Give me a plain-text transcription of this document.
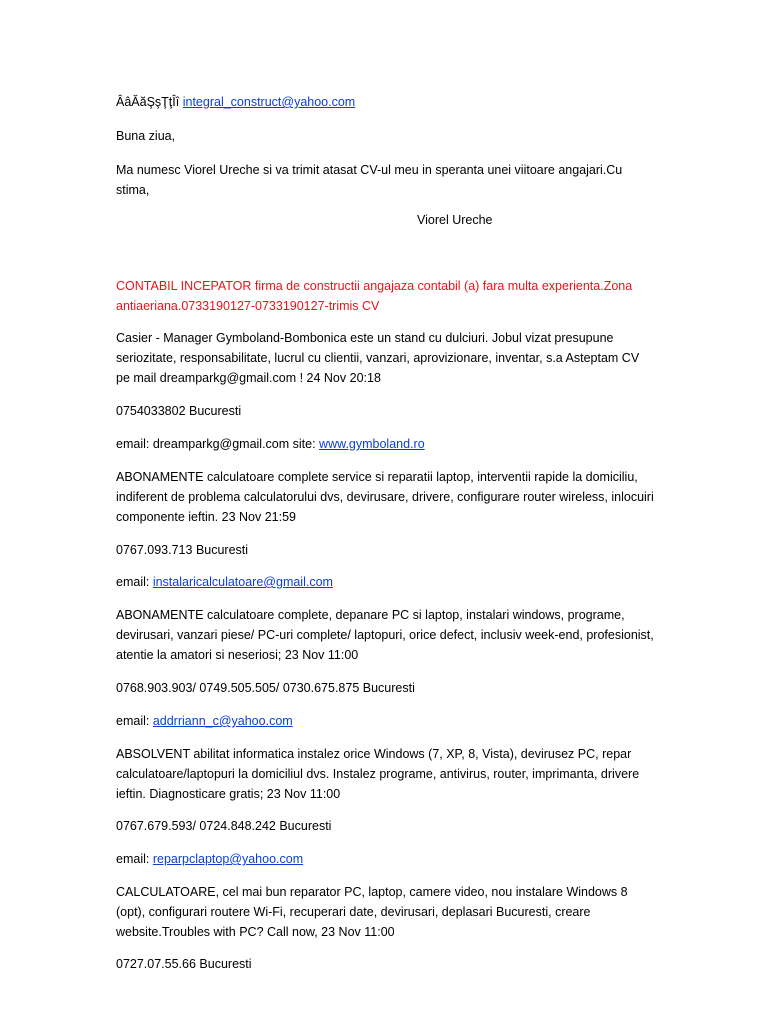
ÂâĂăŞşŢţÎî integral_construct@yahoo.com

Buna ziua,

Ma numesc Viorel Ureche si va trimit atasat CV-ul meu in speranta unei viitoare angajari.Cu stima,

Viorel Ureche

CONTABIL INCEPATOR firma de constructii angajaza contabil (a) fara multa experienta.Zona antiaeriana.0733190127-0733190127-trimis CV

Casier - Manager Gymboland-Bombonica este un stand cu dulciuri. Jobul vizat presupune seriozitate, responsabilitate, lucrul cu clientii, vanzari, aprovizionare, inventar, s.a Asteptam CV pe mail dreamparkg@gmail.com ! 24 Nov 20:18

0754033802 Bucuresti

email: dreamparkg@gmail.com site: www.gymboland.ro

ABONAMENTE calculatoare complete service si reparatii laptop, interventii rapide la domiciliu, indiferent de problema calculatorului dvs, devirusare, drivere, configurare router wireless, inlocuiri componente ieftin. 23 Nov 21:59

0767.093.713 Bucuresti

email: instalaricalculatoare@gmail.com

ABONAMENTE calculatoare complete, depanare PC si laptop, instalari windows, programe, devirusari, vanzari piese/ PC-uri complete/ laptopuri, orice defect, inclusiv week-end, profesionist, atentie la amatori si neseriosi; 23 Nov 11:00

0768.903.903/ 0749.505.505/ 0730.675.875 Bucuresti

email: addrriann_c@yahoo.com

ABSOLVENT abilitat informatica instalez orice Windows (7, XP, 8, Vista), devirusez PC, repar calculatoare/laptopuri la domiciliul dvs. Instalez programe, antivirus, router, imprimanta, drivere ieftin. Diagnosticare gratis; 23 Nov 11:00

0767.679.593/ 0724.848.242 Bucuresti

email: reparpclaptop@yahoo.com

CALCULATOARE, cel mai bun reparator PC, laptop, camere video, nou instalare Windows 8 (opt), configurari routere Wi-Fi, recuperari date, devirusari, deplasari Bucuresti, creare website.Troubles with PC? Call now, 23 Nov 11:00

0727.07.55.66 Bucuresti
